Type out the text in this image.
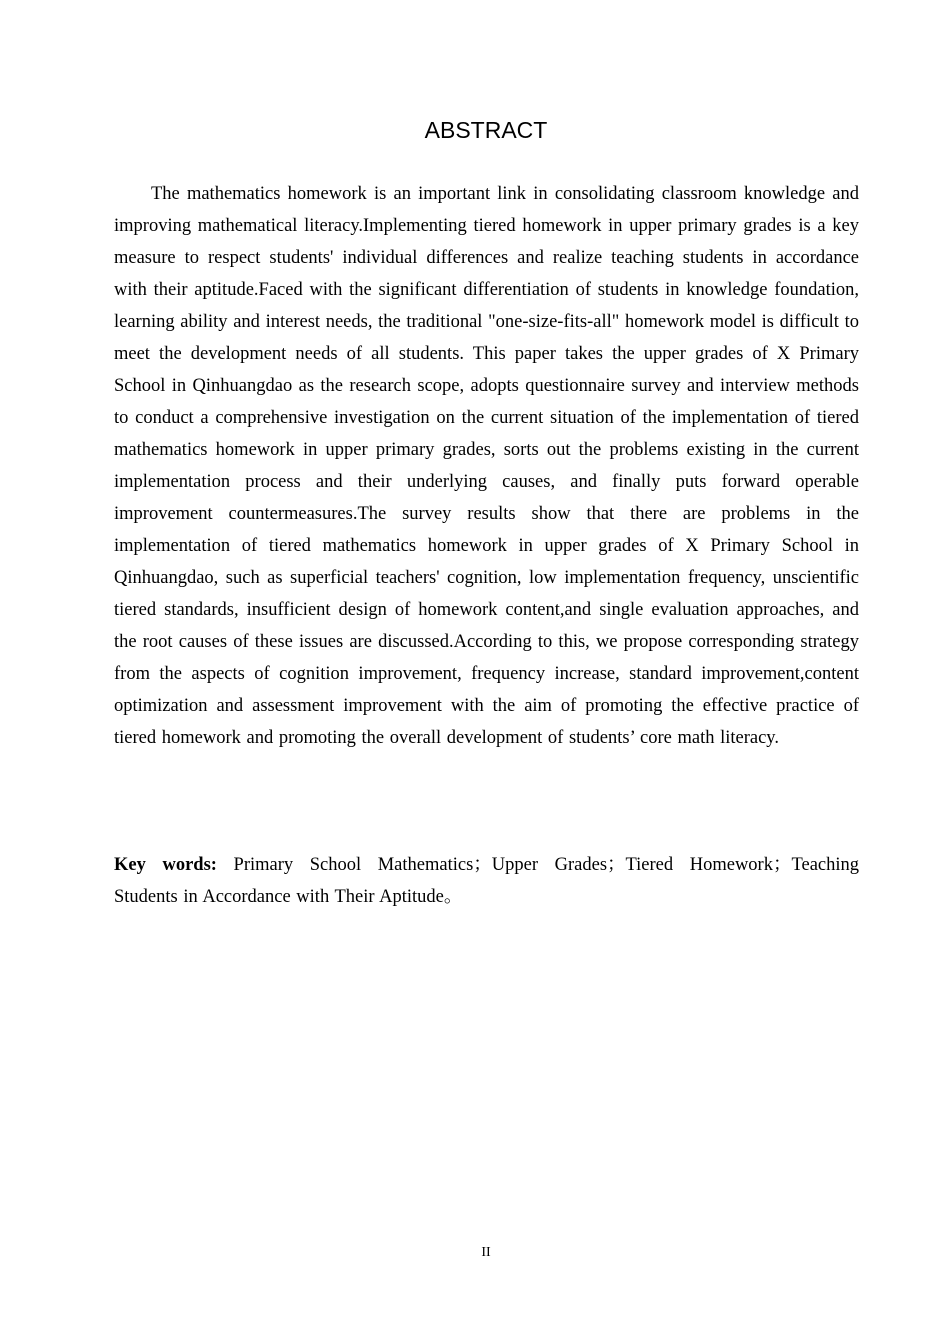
ABSTRACT

The mathematics homework is an important link in consolidating classroom knowledge and improving mathematical literacy.Implementing tiered homework in upper primary grades is a key measure to respect students' individual differences and realize teaching students in accordance with their aptitude.Faced with the significant differentiation of students in knowledge foundation, learning ability and interest needs, the traditional "one-size-fits-all" homework model is difficult to meet the development needs of all students. This paper takes the upper grades of X Primary School in Qinhuangdao as the research scope, adopts questionnaire survey and interview methods to conduct a comprehensive investigation on the current situation of the implementation of tiered mathematics homework in upper primary grades, sorts out the problems existing in the current implementation process and their underlying causes, and finally puts forward operable improvement countermeasures.The survey results show that there are problems in the implementation of tiered mathematics homework in upper grades of X Primary School in Qinhuangdao, such as superficial teachers' cognition, low implementation frequency, unscientific tiered standards, insufficient design of homework content,and single evaluation approaches, and the root causes of these issues are discussed.According to this, we propose corresponding strategy from the aspects of cognition improvement, frequency increase, standard improvement,content optimization and assessment improvement with the aim of promoting the effective practice of tiered homework and promoting the overall development of students’ core math literacy.

Key words: Primary School Mathematics；Upper Grades；Tiered Homework；Teaching Students in Accordance with Their Aptitude。

II
